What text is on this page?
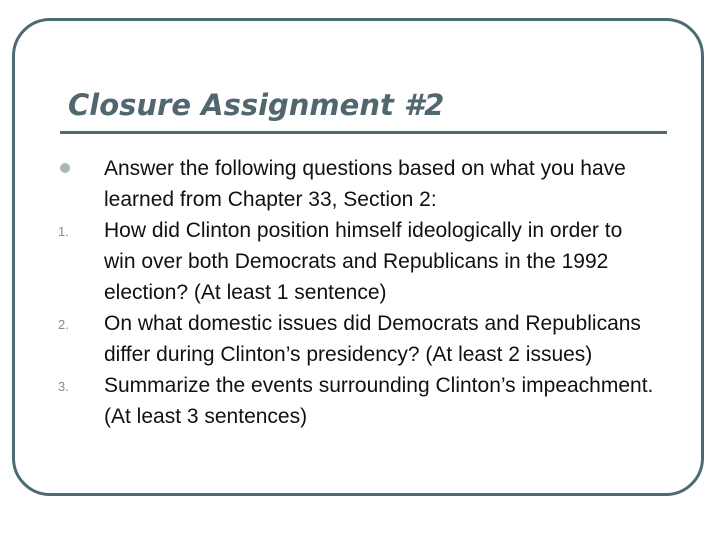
Closure Assignment #2
Answer the following questions based on what you have learned from Chapter 33, Section 2:
1.	How did Clinton position himself ideologically in order to win over both Democrats and Republicans in the 1992 election? (At least 1 sentence)
2.	On what domestic issues did Democrats and Republicans differ during Clinton’s presidency? (At least 2 issues)
3.	Summarize the events surrounding Clinton’s impeachment. (At least 3 sentences)
